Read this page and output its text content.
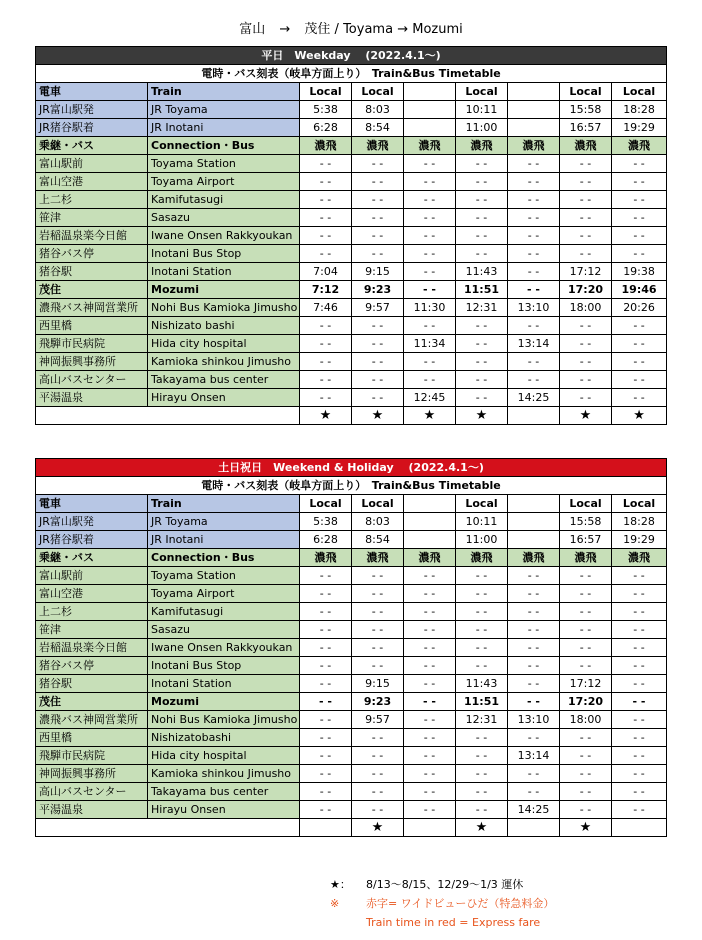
富山 → 茂住 / Toyama → Mozumi
平日　Weekday　 (2022.4.1～)								
電時・バス刻表（岐阜方面上り）　Train&Bus Timetable								
電車	Train	Local	Local		Local		Local	Local
JR富山駅発	JR Toyama	5:38	8:03		10:11		15:58	18:28
JR猪谷駅着	JR Inotani	6:28	8:54		11:00		16:57	19:29
乗継・バス	Connection・Bus	濃飛	濃飛	濃飛	濃飛	濃飛	濃飛	濃飛
富山駅前	Toyama Station	- -	- -	- -	- -	- -	- -	- -
富山空港	Toyama Airport	- -	- -	- -	- -	- -	- -	- -
上二杉	Kamifutasugi	- -	- -	- -	- -	- -	- -	- -
笹津	Sasazu	- -	- -	- -	- -	- -	- -	- -
岩稲温泉楽今日館	Iwane Onsen Rakkyoukan	- -	- -	- -	- -	- -	- -	- -
猪谷バス停	Inotani Bus Stop	- -	- -	- -	- -	- -	- -	- -
猪谷駅	Inotani Station	7:04	9:15	- -	11:43	- -	17:12	19:38
茂住	Mozumi	7:12	9:23	- -	11:51	- -	17:20	19:46
濃飛バス神岡営業所	Nohi Bus Kamioka Jimusho	7:46	9:57	11:30	12:31	13:10	18:00	20:26
西里橋	Nishizato bashi	- -	- -	- -	- -	- -	- -	- -
飛騨市民病院	Hida city hospital	- -	- -	11:34	- -	13:14	- -	- -
神岡振興事務所	Kamioka shinkou Jimusho	- -	- -	- -	- -	- -	- -	- -
高山バスセンター	Takayama bus center	- -	- -	- -	- -	- -	- -	- -
平湯温泉	Hirayu Onsen	- -	- -	12:45	- -	14:25	- -	- -
		★	★	★	★		★	★
土日祝日　Weekend & Holiday　 (2022.4.1～)								
電時・バス刻表（岐阜方面上り）　Train&Bus Timetable								
電車	Train	Local	Local		Local		Local	Local
JR富山駅発	JR Toyama	5:38	8:03		10:11		15:58	18:28
JR猪谷駅着	JR Inotani	6:28	8:54		11:00		16:57	19:29
乗継・バス	Connection・Bus	濃飛	濃飛	濃飛	濃飛	濃飛	濃飛	濃飛
富山駅前	Toyama Station	- -	- -	- -	- -	- -	- -	- -
富山空港	Toyama Airport	- -	- -	- -	- -	- -	- -	- -
上二杉	Kamifutasugi	- -	- -	- -	- -	- -	- -	- -
笹津	Sasazu	- -	- -	- -	- -	- -	- -	- -
岩稲温泉楽今日館	Iwane Onsen Rakkyoukan	- -	- -	- -	- -	- -	- -	- -
猪谷バス停	Inotani Bus Stop	- -	- -	- -	- -	- -	- -	- -
猪谷駅	Inotani Station	- -	9:15	- -	11:43	- -	17:12	- -
茂住	Mozumi	- -	9:23	- -	11:51	- -	17:20	- -
濃飛バス神岡営業所	Nohi Bus Kamioka Jimusho	- -	9:57	- -	12:31	13:10	18:00	- -
西里橋	Nishizatobashi	- -	- -	- -	- -	- -	- -	- -
飛騨市民病院	Hida city hospital	- -	- -	- -	- -	13:14	- -	- -
神岡振興事務所	Kamioka shinkou Jimusho	- -	- -	- -	- -	- -	- -	- -
高山バスセンター	Takayama bus center	- -	- -	- -	- -	- -	- -	- -
平湯温泉	Hirayu Onsen	- -	- -	- -	- -	14:25	- -	- -
			★		★		★	
★： 8/13～8/15、12/29～1/3 運休
※ 赤字= ワイドビューひだ（特急料金）
Train time in red = Express fare
